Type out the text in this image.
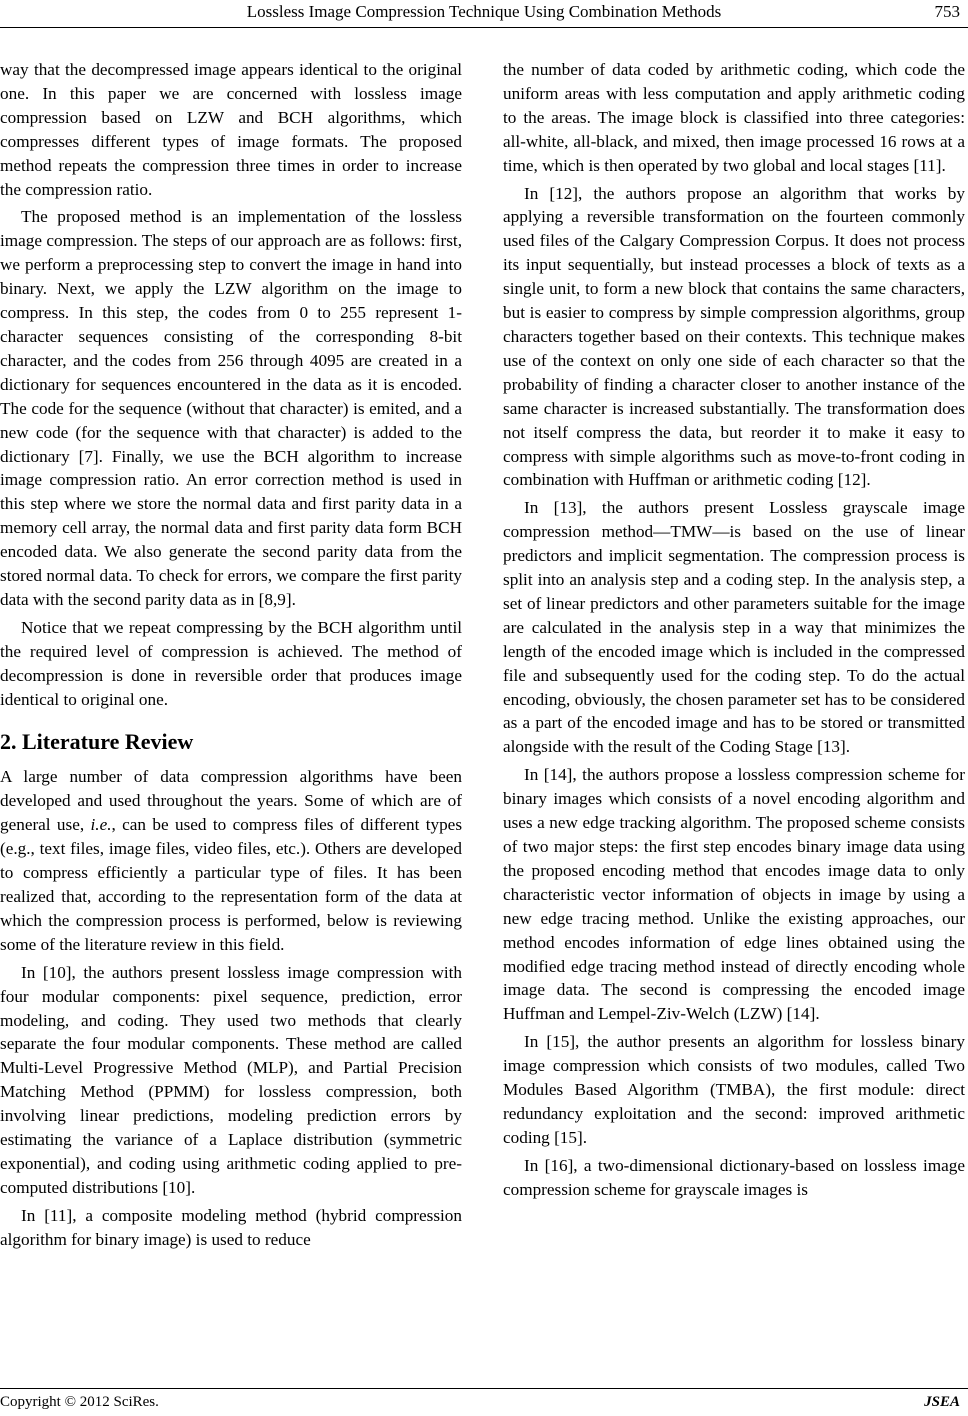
Lossless Image Compression Technique Using Combination Methods	753

way that the decompressed image appears identical to the original one. In this paper we are concerned with lossless image compression based on LZW and BCH algorithms, which compresses different types of image formats. The proposed method repeats the compression three times in order to increase the compression ratio.

The proposed method is an implementation of the lossless image compression. The steps of our approach are as follows: first, we perform a preprocessing step to convert the image in hand into binary. Next, we apply the LZW algorithm on the image to compress. In this step, the codes from 0 to 255 represent 1-character sequences consisting of the corresponding 8-bit character, and the codes from 256 through 4095 are created in a dictionary for sequences encountered in the data as it is encoded. The code for the sequence (without that character) is emited, and a new code (for the sequence with that character) is added to the dictionary [7]. Finally, we use the BCH algorithm to increase image compression ratio. An error correction method is used in this step where we store the normal data and first parity data in a memory cell array, the normal data and first parity data form BCH encoded data. We also generate the second parity data from the stored normal data. To check for errors, we compare the first parity data with the second parity data as in [8,9].

Notice that we repeat compressing by the BCH algorithm until the required level of compression is achieved. The method of decompression is done in reversible order that produces image identical to original one.

2. Literature Review

A large number of data compression algorithms have been developed and used throughout the years. Some of which are of general use, i.e., can be used to compress files of different types (e.g., text files, image files, video files, etc.). Others are developed to compress efficiently a particular type of files. It has been realized that, according to the representation form of the data at which the compression process is performed, below is reviewing some of the literature review in this field.

In [10], the authors present lossless image compression with four modular components: pixel sequence, prediction, error modeling, and coding. They used two methods that clearly separate the four modular components. These method are called Multi-Level Progressive Method (MLP), and Partial Precision Matching Method (PPMM) for lossless compression, both involving linear predictions, modeling prediction errors by estimating the variance of a Laplace distribution (symmetric exponential), and coding using arithmetic coding applied to pre-computed distributions [10].

In [11], a composite modeling method (hybrid compression algorithm for binary image) is used to reduce

the number of data coded by arithmetic coding, which code the uniform areas with less computation and apply arithmetic coding to the areas. The image block is classified into three categories: all-white, all-black, and mixed, then image processed 16 rows at a time, which is then operated by two global and local stages [11].

In [12], the authors propose an algorithm that works by applying a reversible transformation on the fourteen commonly used files of the Calgary Compression Corpus. It does not process its input sequentially, but instead processes a block of texts as a single unit, to form a new block that contains the same characters, but is easier to compress by simple compression algorithms, group characters together based on their contexts. This technique makes use of the context on only one side of each character so that the probability of finding a character closer to another instance of the same character is increased substantially. The transformation does not itself compress the data, but reorder it to make it easy to compress with simple algorithms such as move-to-front coding in combination with Huffman or arithmetic coding [12].

In [13], the authors present Lossless grayscale image compression method—TMW—is based on the use of linear predictors and implicit segmentation. The compression process is split into an analysis step and a coding step. In the analysis step, a set of linear predictors and other parameters suitable for the image are calculated in the analysis step in a way that minimizes the length of the encoded image which is included in the compressed file and subsequently used for the coding step. To do the actual encoding, obviously, the chosen parameter set has to be considered as a part of the encoded image and has to be stored or transmitted alongside with the result of the Coding Stage [13].

In [14], the authors propose a lossless compression scheme for binary images which consists of a novel encoding algorithm and uses a new edge tracking algorithm. The proposed scheme consists of two major steps: the first step encodes binary image data using the proposed encoding method that encodes image data to only characteristic vector information of objects in image by using a new edge tracing method. Unlike the existing approaches, our method encodes information of edge lines obtained using the modified edge tracing method instead of directly encoding whole image data. The second is compressing the encoded image Huffman and Lempel-Ziv-Welch (LZW) [14].

In [15], the author presents an algorithm for lossless binary image compression which consists of two modules, called Two Modules Based Algorithm (TMBA), the first module: direct redundancy exploitation and the second: improved arithmetic coding [15].

In [16], a two-dimensional dictionary-based on lossless image compression scheme for grayscale images is

Copyright © 2012 SciRes.	JSEA
